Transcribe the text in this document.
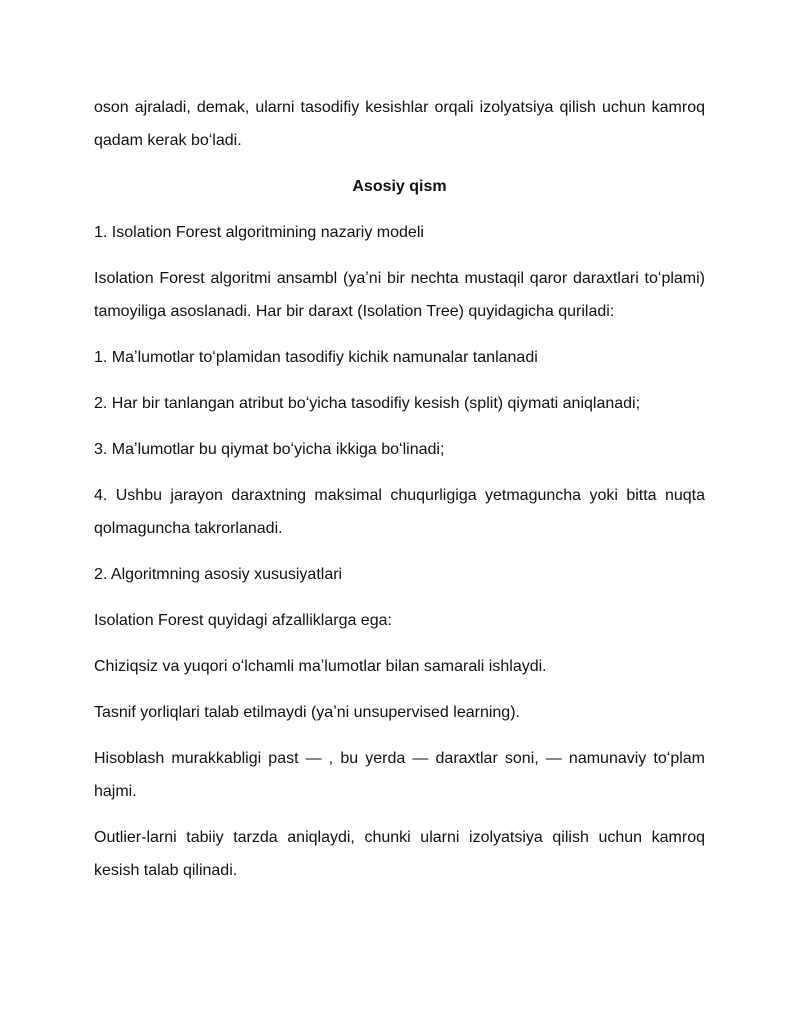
oson ajraladi, demak, ularni tasodifiy kesishlar orqali izolyatsiya qilish uchun kamroq qadam kerak boʻladi.

Asosiy qism

1. Isolation Forest algoritmining nazariy modeli

Isolation Forest algoritmi ansambl (yaʼni bir nechta mustaqil qaror daraxtlari toʻplami) tamoyiliga asoslanadi. Har bir daraxt (Isolation Tree) quyidagicha quriladi:

1. Maʼlumotlar toʻplamidan tasodifiy kichik namunalar tanlanadi

2. Har bir tanlangan atribut boʻyicha tasodifiy kesish (split) qiymati aniqlanadi;

3. Maʼlumotlar bu qiymat boʻyicha ikkiga boʻlinadi;

4. Ushbu jarayon daraxtning maksimal chuqurligiga yetmaguncha yoki bitta nuqta qolmaguncha takrorlanadi.

2. Algoritmning asosiy xususiyatlari

Isolation Forest quyidagi afzalliklarga ega:

Chiziqsiz va yuqori oʻlchamli maʼlumotlar bilan samarali ishlaydi.

Tasnif yorliqlari talab etilmaydi (yaʼni unsupervised learning).

Hisoblash murakkabligi past — , bu yerda — daraxtlar soni, — namunaviy toʻplam hajmi.

Outlier-larni tabiiy tarzda aniqlaydi, chunki ularni izolyatsiya qilish uchun kamroq kesish talab qilinadi.
